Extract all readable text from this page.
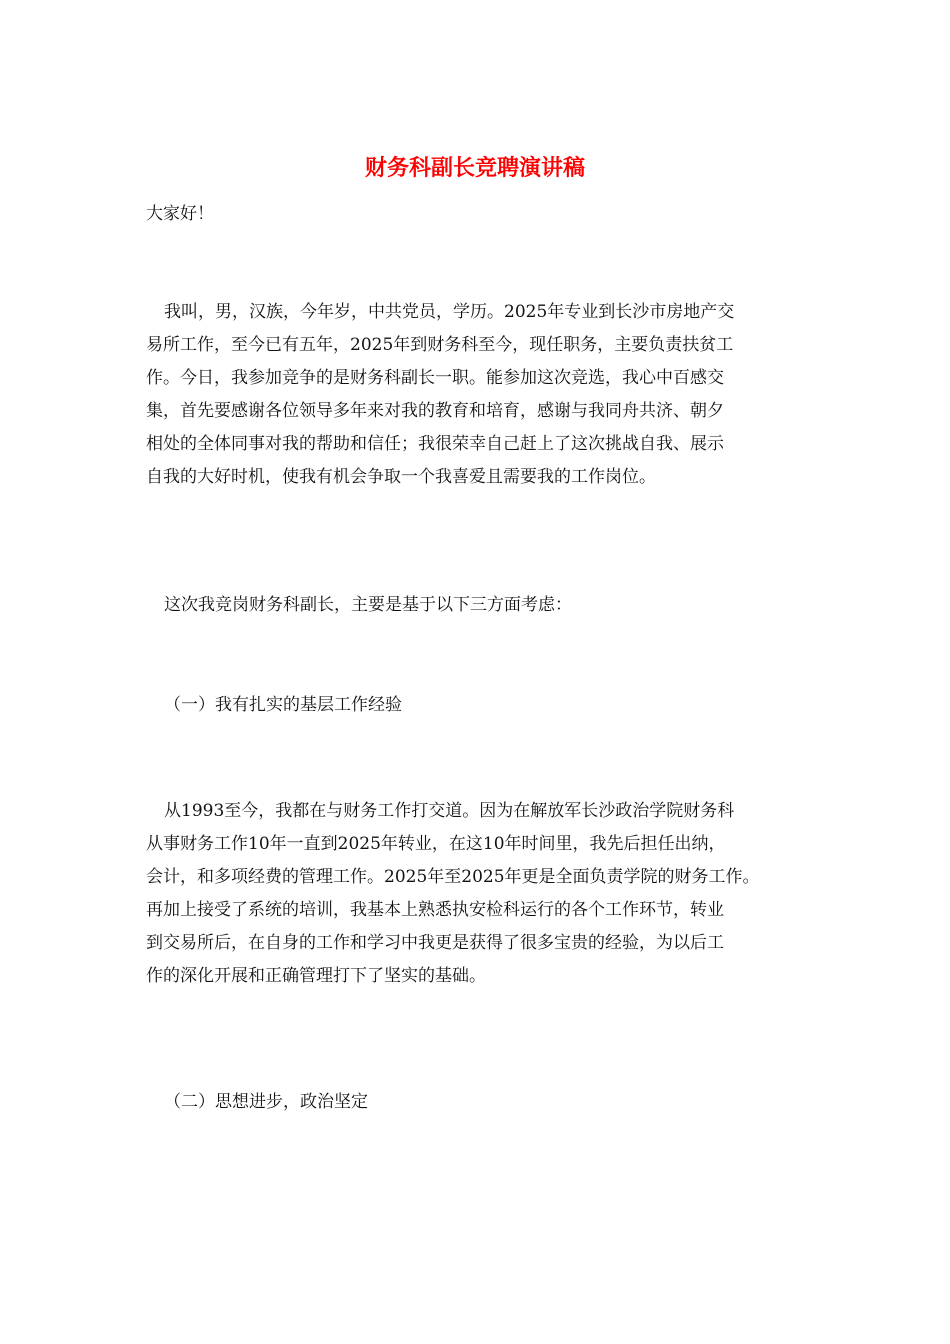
财务科副长竞聘演讲稿
大家好！
我叫，男，汉族，今年岁，中共党员，学历。2025年专业到长沙市房地产交
易所工作，至今已有五年，2025年到财务科至今，现任职务，主要负责扶贫工
作。今日，我参加竞争的是财务科副长一职。能参加这次竞选，我心中百感交
集，首先要感谢各位领导多年来对我的教育和培育，感谢与我同舟共济、朝夕
相处的全体同事对我的帮助和信任；我很荣幸自己赶上了这次挑战自我、展示
自我的大好时机，使我有机会争取一个我喜爱且需要我的工作岗位。
这次我竞岗财务科副长，主要是基于以下三方面考虑：
（一）我有扎实的基层工作经验
从1993至今，我都在与财务工作打交道。因为在解放军长沙政治学院财务科
从事财务工作10年一直到2025年转业，在这10年时间里，我先后担任出纳，
会计，和多项经费的管理工作。2025年至2025年更是全面负责学院的财务工作。
再加上接受了系统的培训，我基本上熟悉执安检科运行的各个工作环节，转业
到交易所后，在自身的工作和学习中我更是获得了很多宝贵的经验，为以后工
作的深化开展和正确管理打下了坚实的基础。
（二）思想进步，政治坚定
